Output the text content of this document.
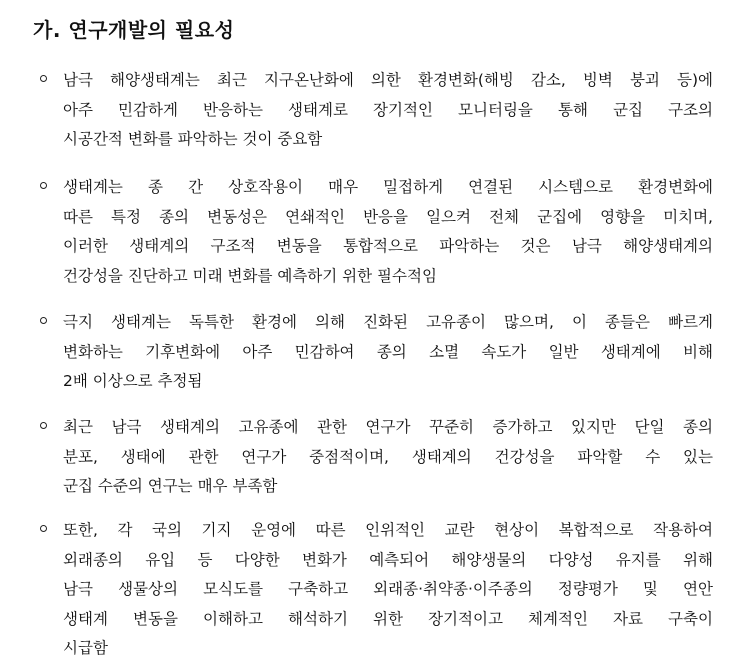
가. 연구개발의 필요성
남극 해양생태계는 최근 지구온난화에 의한 환경변화(해빙 감소, 빙벽 붕괴 등)에
아주 민감하게 반응하는 생태계로 장기적인 모니터링을 통해 군집 구조의
시공간적 변화를 파악하는 것이 중요함
생태계는 종 간 상호작용이 매우 밀접하게 연결된 시스템으로 환경변화에
따른 특정 종의 변동성은 연쇄적인 반응을 일으켜 전체 군집에 영향을 미치며,
이러한 생태계의 구조적 변동을 통합적으로 파악하는 것은 남극 해양생태계의
건강성을 진단하고 미래 변화를 예측하기 위한 필수적임
극지 생태계는 독특한 환경에 의해 진화된 고유종이 많으며, 이 종들은 빠르게
변화하는 기후변화에 아주 민감하여 종의 소멸 속도가 일반 생태계에 비해
2배 이상으로 추정됨
최근 남극 생태계의 고유종에 관한 연구가 꾸준히 증가하고 있지만 단일 종의
분포, 생태에 관한 연구가 중점적이며, 생태계의 건강성을 파악할 수 있는
군집 수준의 연구는 매우 부족함
또한, 각 국의 기지 운영에 따른 인위적인 교란 현상이 복합적으로 작용하여
외래종의 유입 등 다양한 변화가 예측되어 해양생물의 다양성 유지를 위해
남극 생물상의 모식도를 구축하고 외래종·취약종·이주종의 정량평가 및 연안
생태계 변동을 이해하고 해석하기 위한 장기적이고 체계적인 자료 구축이
시급함
